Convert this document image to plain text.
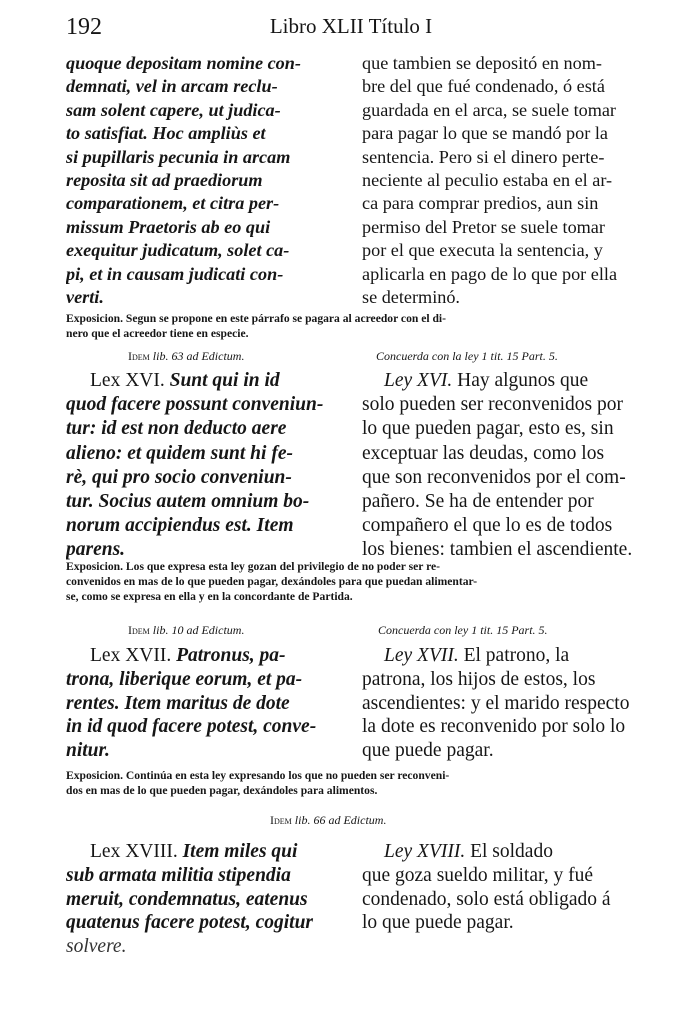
192	Libro XLII Título I
quoque depositam nomine con-
demnati, vel in arcam reclu-
sam solent capere, ut judica-
to satisfiat. Hoc ampliùs et
si pupillaris pecunia in arcam
reposita sit ad praediorum
comparationem, et citra per-
missum Praetoris ab eo qui
exequitur judicatum, solet ca-
pi, et in causam judicati con-
verti.
que tambien se depositó en nom-
bre del que fué condenado, ó está
guardada en el arca, se suele tomar
para pagar lo que se mandó por la
sentencia. Pero si el dinero perte-
neciente al peculio estaba en el ar-
ca para comprar predios, aun sin
permiso del Pretor se suele tomar
por el que executa la sentencia, y
aplicarla en pago de lo que por ella
se determinó.
Exposicion. Segun se propone en este párrafo se pagara al acreedor con el di-
nero que el acreedor tiene en especie.
Idem lib. 63 ad Edictum.	Concuerda con la ley 1 tit. 15 Part. 5.
Lex XVI. Sunt qui in id
quod facere possunt conveniun-
tur: id est non deducto aere
alieno: et quidem sunt hi fe-
rè, qui pro socio conveniun-
tur. Socius autem omnium bo-
norum accipiendus est. Item
parens.
Ley XVI. Hay algunos que
solo pueden ser reconvenidos por
lo que pueden pagar, esto es, sin
exceptuar las deudas, como los
que son reconvenidos por el com-
pañero. Se ha de entender por
compañero el que lo es de todos
los bienes: tambien el ascendiente.
Exposicion. Los que expresa esta ley gozan del privilegio de no poder ser re-
convenidos en mas de lo que pueden pagar, dexándoles para que puedan alimentar-
se, como se expresa en ella y en la concordante de Partida.
Idem lib. 10 ad Edictum.	Concuerda con ley 1 tit. 15 Part. 5.
Lex XVII. Patronus, pa-
trona, liberique eorum, et pa-
rentes. Item maritus de dote
in id quod facere potest, conve-
nitur.
Ley XVII. El patrono, la
patrona, los hijos de estos, los
ascendientes: y el marido respecto
la dote es reconvenido por solo lo
que puede pagar.
Exposicion. Continúa en esta ley expresando los que no pueden ser reconveni-
dos en mas de lo que pueden pagar, dexándoles para alimentos.
Idem lib. 66 ad Edictum.
Lex XVIII. Item miles qui
sub armata militia stipendia
meruit, condemnatus, eatenus
quatenus facere potest, cogitur
solvere.
Ley XVIII. El soldado
que goza sueldo militar, y fué
condenado, solo está obligado á
lo que puede pagar.
